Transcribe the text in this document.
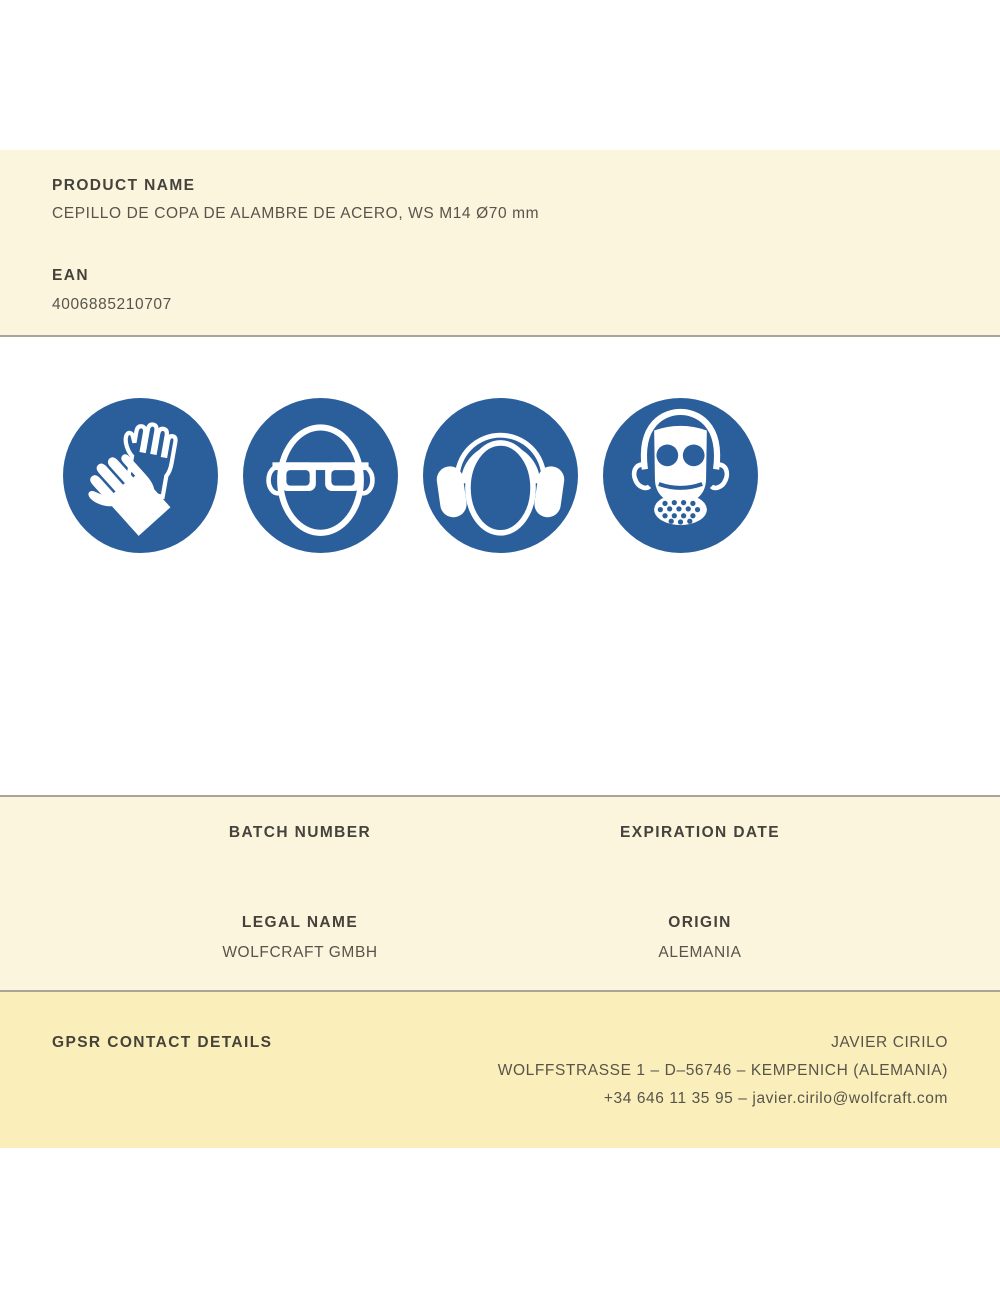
PRODUCT NAME
CEPILLO DE COPA DE ALAMBRE DE ACERO, WS M14 Ø70 mm
EAN
4006885210707
BATCH NUMBER	EXPIRATION DATE
LEGAL NAME
WOLFCRAFT GMBH
ORIGIN
ALEMANIA
GPSR CONTACT DETAILS	JAVIER CIRILO
WOLFFSTRASSE 1 – D–56746 – KEMPENICH (ALEMANIA)
+34 646 11 35 95 – javier.cirilo@wolfcraft.com
